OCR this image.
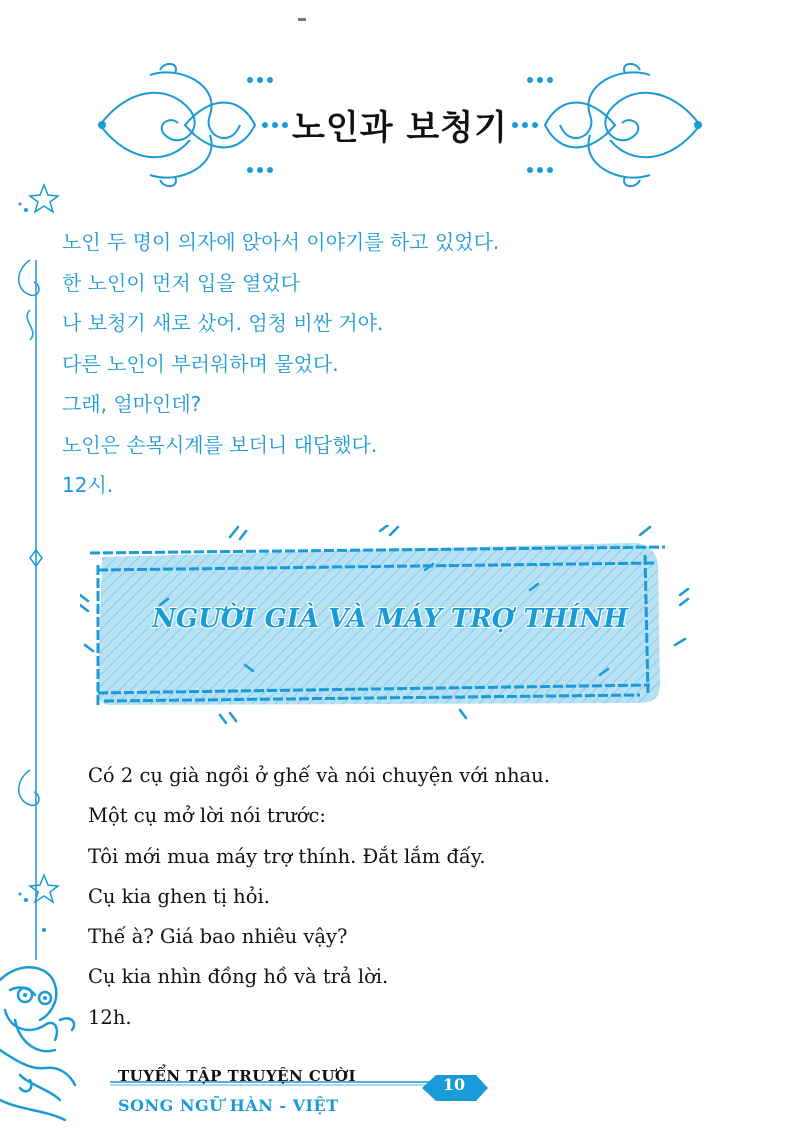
노인과 보청기
노인 두 명이 의자에 앉아서 이야기를 하고 있었다.
한 노인이 먼저 입을 열었다
나 보청기 새로 샀어. 엄청 비싼 거야.
다른 노인이 부러워하며 물었다.
그래, 얼마인데?
노인은 손목시계를 보더니 대답했다.
12시.
NGƯỜI GIÀ VÀ MÁY TRỢ THÍNH
Có 2 cụ già ngồi ở ghế và nói chuyện với nhau.
Một cụ mở lời nói trước:
Tôi mới mua máy trợ thính. Đắt lắm đấy.
Cụ kia ghen tị hỏi.
Thế à? Giá bao nhiêu vậy?
Cụ kia nhìn đồng hồ và trả lời.
12h.
TUYỂN TẬP TRUYỆN CƯỜI
SONG NGỮ HÀN - VIỆT
10
